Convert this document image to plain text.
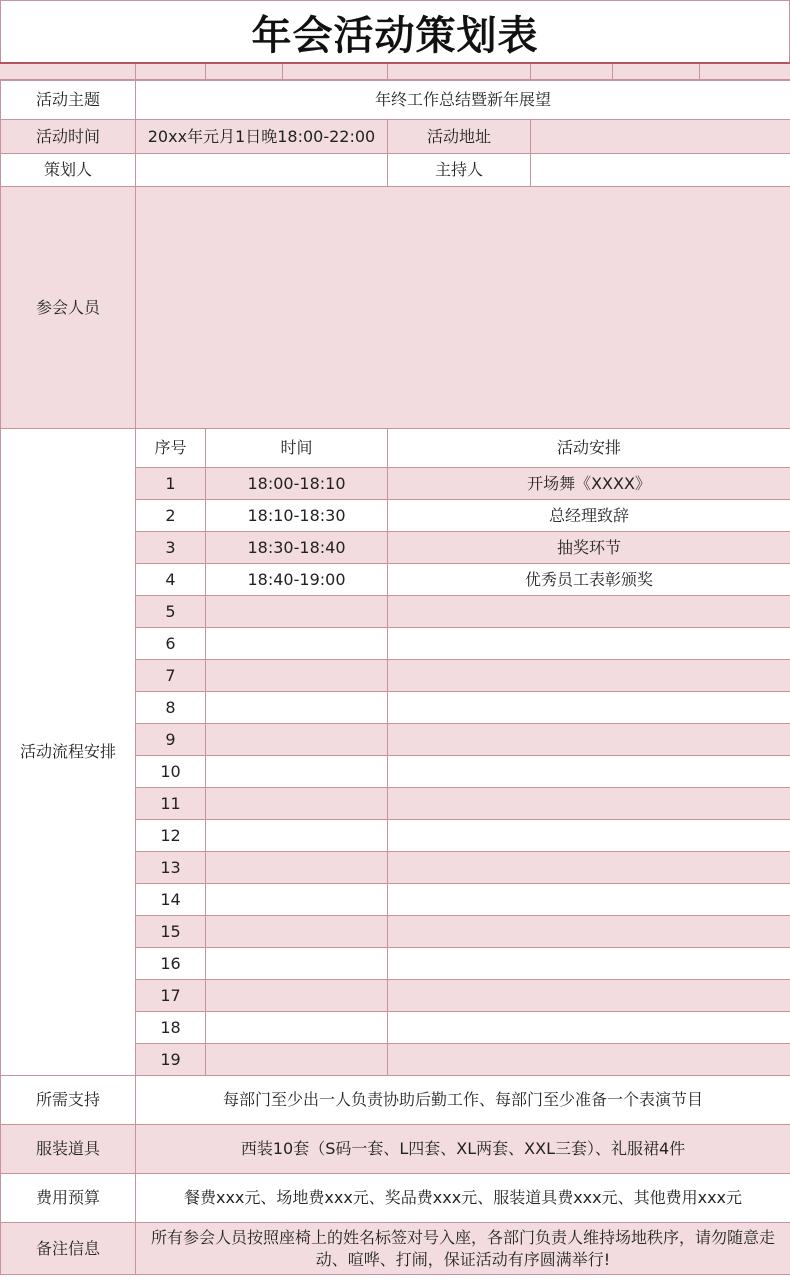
年会活动策划表
活动主题	年终工作总结暨新年展望			
活动时间	20xx年元月1日晚18:00-22:00		活动地址	
策划人			主持人	
参会人员				
活动流程安排	序号	时间	活动安排	
	1	18:00-18:10	开场舞《XXXX》	
	2	18:10-18:30	总经理致辞	
	3	18:30-18:40	抽奖环节	
	4	18:40-19:00	优秀员工表彰颁奖	
	5			
	6			
	7			
	8			
	9			
	10			
	11			
	12			
	13			
	14			
	15			
	16			
	17			
	18			
	19			
所需支持	每部门至少出一人负责协助后勤工作、每部门至少准备一个表演节目			
服装道具	西装10套（S码一套、L四套、XL两套、XXL三套）、礼服裙4件			
费用预算	餐费xxx元、场地费xxx元、奖品费xxx元、服装道具费xxx元、其他费用xxx元			
备注信息	所有参会人员按照座椅上的姓名标签对号入座，各部门负责人维持场地秩序，请勿随意走动、喧哗、打闹，保证活动有序圆满举行!			
